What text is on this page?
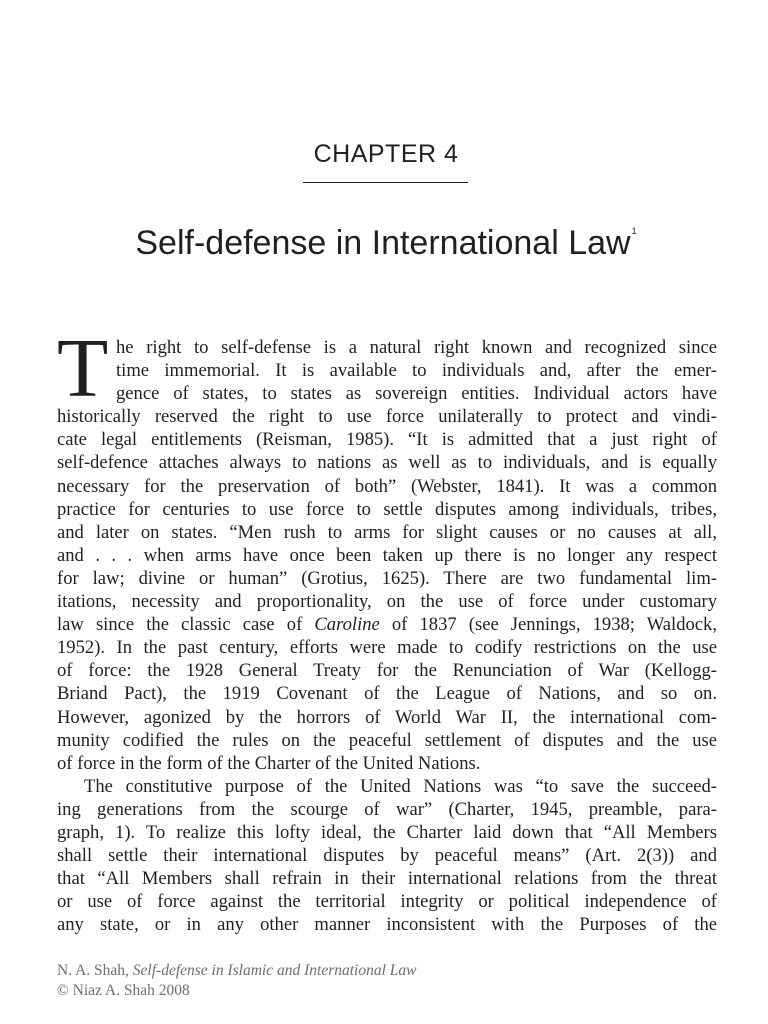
CHAPTER 4
Self-defense in International Law$^1$
T he right to self-defense is a natural right known and recognized since
time immemorial. It is available to individuals and, after the emer-
gence of states, to states as sovereign entities. Individual actors have
historically reserved the right to use force unilaterally to protect and vindi-
cate legal entitlements (Reisman, 1985). “It is admitted that a just right of
self-defence attaches always to nations as well as to individuals, and is equally
necessary for the preservation of both” (Webster, 1841). It was a common
practice for centuries to use force to settle disputes among individuals, tribes,
and later on states. “Men rush to arms for slight causes or no causes at all,
and . . . when arms have once been taken up there is no longer any respect
for law; divine or human” (Grotius, 1625). There are two fundamental lim-
itations, necessity and proportionality, on the use of force under customary
law since the classic case of Caroline of 1837 (see Jennings, 1938; Waldock,
1952). In the past century, efforts were made to codify restrictions on the use
of force: the 1928 General Treaty for the Renunciation of War (Kellogg-
Briand Pact), the 1919 Covenant of the League of Nations, and so on.
However, agonized by the horrors of World War II, the international com-
munity codified the rules on the peaceful settlement of disputes and the use
of force in the form of the Charter of the United Nations.
The constitutive purpose of the United Nations was “to save the succeed-
ing generations from the scourge of war” (Charter, 1945, preamble, para-
graph, 1). To realize this lofty ideal, the Charter laid down that “All Members
shall settle their international disputes by peaceful means” (Art. 2(3)) and
that “All Members shall refrain in their international relations from the threat
or use of force against the territorial integrity or political independence of
any state, or in any other manner inconsistent with the Purposes of the
N. A. Shah, Self-defense in Islamic and International Law
© Niaz A. Shah 2008
